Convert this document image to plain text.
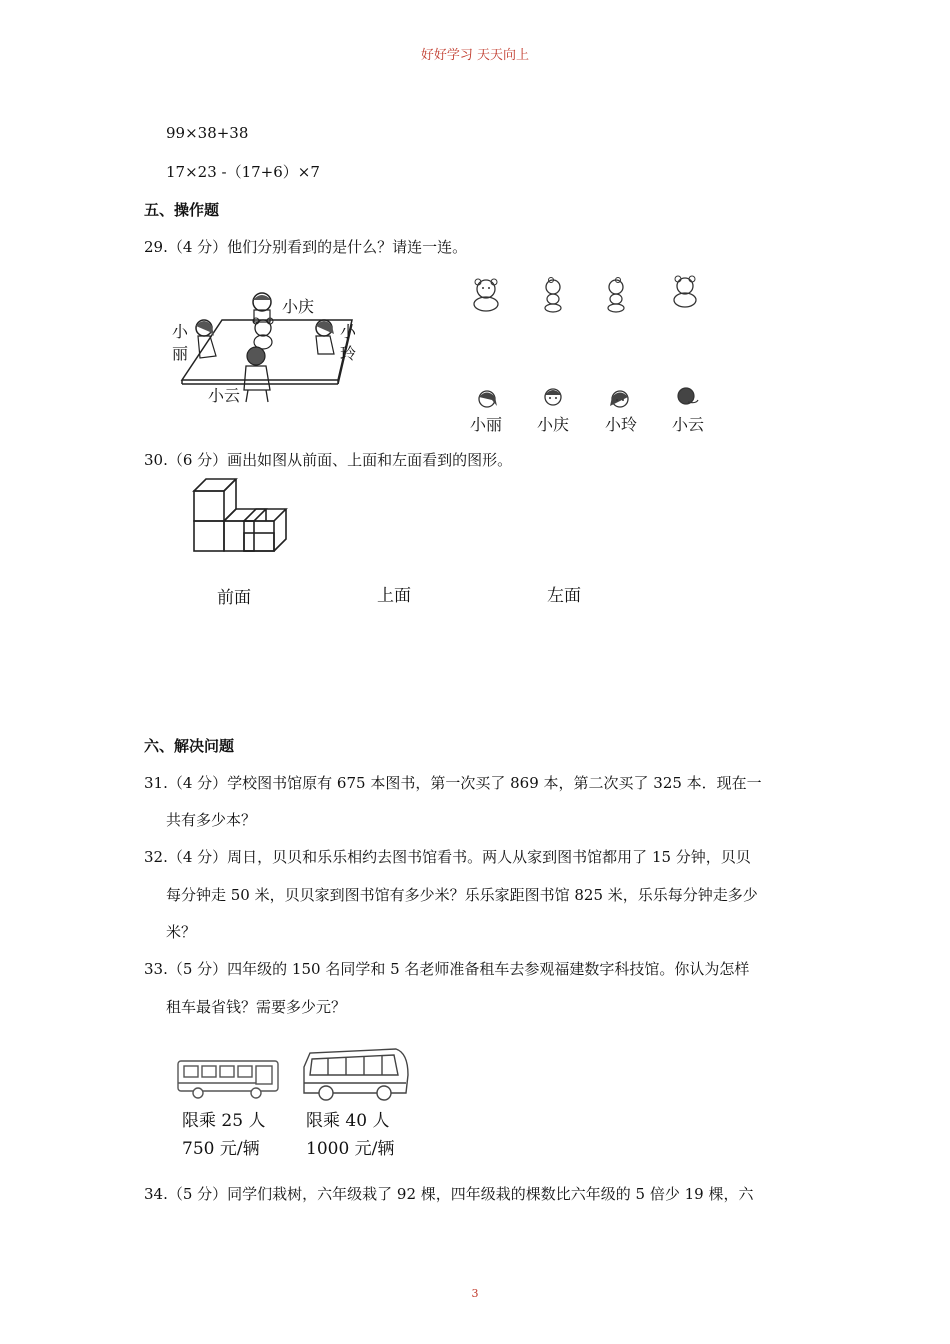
好好学习 天天向上
99×38+38
17×23 -（17+6）×7
五、操作题
29.（4 分）他们分别看到的是什么？请连一连。
小庆
小
丽
小
玲
小云
小丽 小庆 小玲 小云
30.（6 分）画出如图从前面、上面和左面看到的图形。
前面	上面	左面
六、解决问题
31.（4 分）学校图书馆原有 675 本图书，第一次买了 869 本，第二次买了 325 本．现在一
共有多少本？
32.（4 分）周日，贝贝和乐乐相约去图书馆看书。两人从家到图书馆都用了 15 分钟，贝贝
每分钟走 50 米，贝贝家到图书馆有多少米？乐乐家距图书馆 825 米，乐乐每分钟走多少
米？
33.（5 分）四年级的 150 名同学和 5 名老师准备租车去参观福建数字科技馆。你认为怎样
租车最省钱？需要多少元？
限乘 25 人
750 元/辆
限乘 40 人
1000 元/辆
34.（5 分）同学们栽树，六年级栽了 92 棵，四年级栽的棵数比六年级的 5 倍少 19 棵，六
3
